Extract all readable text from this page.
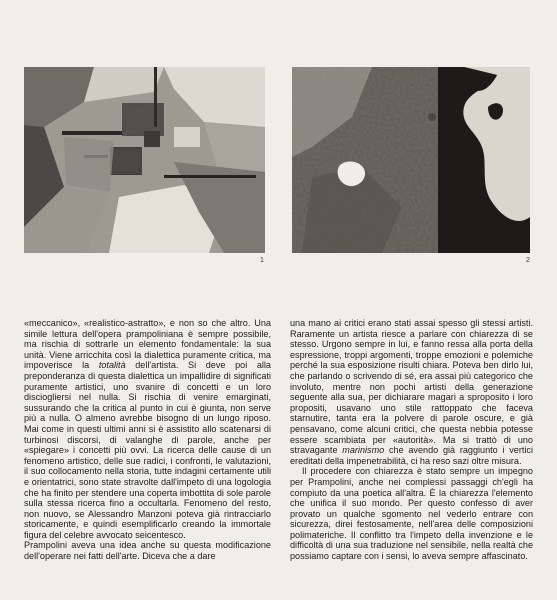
1	2

«meccanico», «realistico-astratto», e non so che altro. Una simile lettura dell'opera prampoliniana è sempre possibile, ma rischia di sottrarle un elemento fondamentale: la sua unità. Viene arricchita così la dialettica puramente critica, ma impoverisce la totalità dell'artista. Si deve poi alla preponderanza di questa dialettica un impallidire di significati puramente artistici, uno svanire di concetti e un loro disciogliersi nel nulla. Si rischia di venire emarginati, sussurando che la critica al punto in cui è giunta, non serve più a nulla. O almeno avrebbe bisogno di un lungo riposo. Mai come in questi ultimi anni si è assistito allo scatenarsi di turbinosi discorsi, di valanghe di parole, anche per «spiegare» i concetti più ovvi. La ricerca delle cause di un fenomeno artistico, delle sue radici, i confronti, le valutazioni, il suo collocamento nella storia, tutte indagini certamente utili e orientatrici, sono state stravolte dall'impeto di una logologia che ha finito per stendere una coperta imbottita di sole parole sulla stessa ricerca fino a occultarla. Fenomeno del resto, non nuovo, se Alessandro Manzoni poteva già rintracciarlo storicamente, e quindi esemplificarlo creando la immortale figura del celebre avvocato seicentesco.

Prampolini aveva una idea anche su questa modificazione dell'operare nei fatti dell'arte. Diceva che a dare

una mano ai critici erano stati assai spesso gli stessi artisti. Raramente un artista riesce a parlare con chiarezza di se stesso. Urgono sempre in lui, e fanno ressa alla porta della espressione, troppi argomenti, troppe emozioni e polemiche perché la sua esposizione risulti chiara. Poteva ben dirlo lui, che parlando o scrivendo di sé, era assai più categorico che involuto, mentre non pochi artisti della generazione seguente alla sua, per dichiarare magari a sproposito i loro propositi, usavano uno stile rattoppato che faceva starnutire, tanta era la polvere di parole oscure, e già pensavano, come alcuni critici, che questa nebbia potesse essere scambiata per «autorità». Ma si trattò di uno stravagante marinismo che avendo già raggiunto i vertici ereditati della impenetrabilità, ci ha reso sazi oltre misura.

Il procedere con chiarezza è stato sempre un impegno per Prampolini, anche nei complessi passaggi ch'egli ha compiuto da una poetica all'altra. È la chiarezza l'elemento che unifica il suo mondo. Per questo confesso di aver provato un qualche sgomento nel vederlo entrare con sicurezza, direi festosamente, nell'area delle composizioni polimateriche. Il conflitto tra l'impeto della invenzione e le difficoltà di una sua traduzione nel sensibile, nella realtà che possiamo captare con i sensi, lo aveva sempre affascinato.
